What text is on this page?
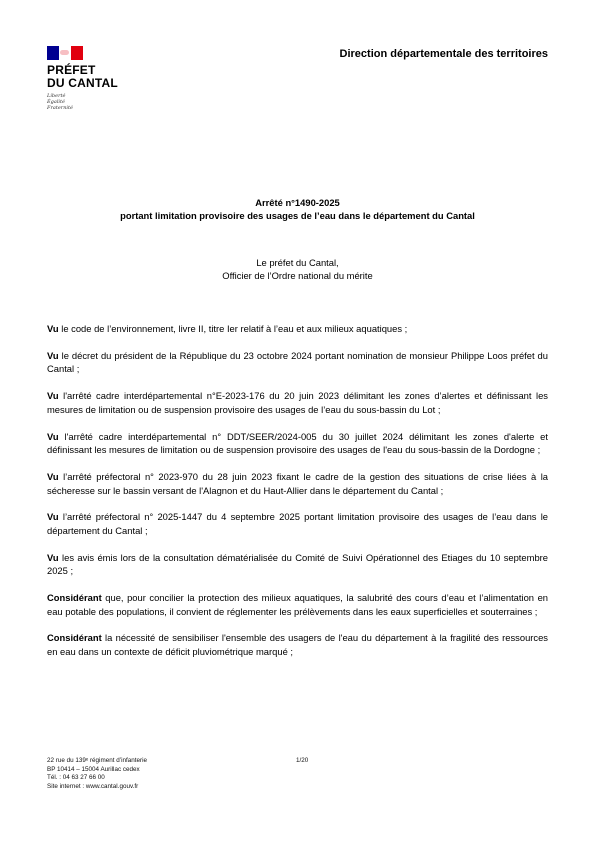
PRÉFET
DU CANTAL
Liberté
Égalité
Fraternité
Direction départementale des territoires
Arrêté n°1490-2025
portant limitation provisoire des usages de l’eau dans le département du Cantal
Le préfet du Cantal,
Officier de l’Ordre national du mérite

Vu le code de l’environnement, livre II, titre Ier relatif à l’eau et aux milieux aquatiques ;

Vu le décret du président de la République du 23 octobre 2024 portant nomination de monsieur Philippe Loos préfet du Cantal ;

Vu l'arrêté cadre interdépartemental n°E-2023-176 du 20 juin 2023 délimitant les zones d’alertes et définissant les mesures de limitation ou de suspension provisoire des usages de l’eau du sous-bassin du Lot ;

Vu l'arrêté cadre interdépartemental n° DDT/SEER/2024-005 du 30 juillet 2024 délimitant les zones d'alerte et définissant les mesures de limitation ou de suspension provisoire des usages de l'eau du sous-bassin de la Dordogne ;

Vu l’arrêté préfectoral n° 2023-970 du 28 juin 2023 fixant le cadre de la gestion des situations de crise liées à la sécheresse sur le bassin versant de l'Alagnon et du Haut-Allier dans le département du Cantal ;

Vu l’arrêté préfectoral n° 2025-1447 du 4 septembre 2025 portant limitation provisoire des usages de l’eau dans le département du Cantal ;

Vu les avis émis lors de la consultation dématérialisée du Comité de Suivi Opérationnel des Etiages du 10 septembre 2025 ;

Considérant que, pour concilier la protection des milieux aquatiques, la salubrité des cours d’eau et l’alimentation en eau potable des populations, il convient de réglementer les prélèvements dans les eaux superficielles et souterraines ;

Considérant la nécessité de sensibiliser l'ensemble des usagers de l'eau du département à la fragilité des ressources en eau dans un contexte de déficit pluviométrique marqué ;

22 rue du 139ᵉ régiment d’infanterie
BP 10414 – 15004 Aurillac cedex
Tél. : 04 63 27 66 00
Site internet : www.cantal.gouv.fr
1/20
